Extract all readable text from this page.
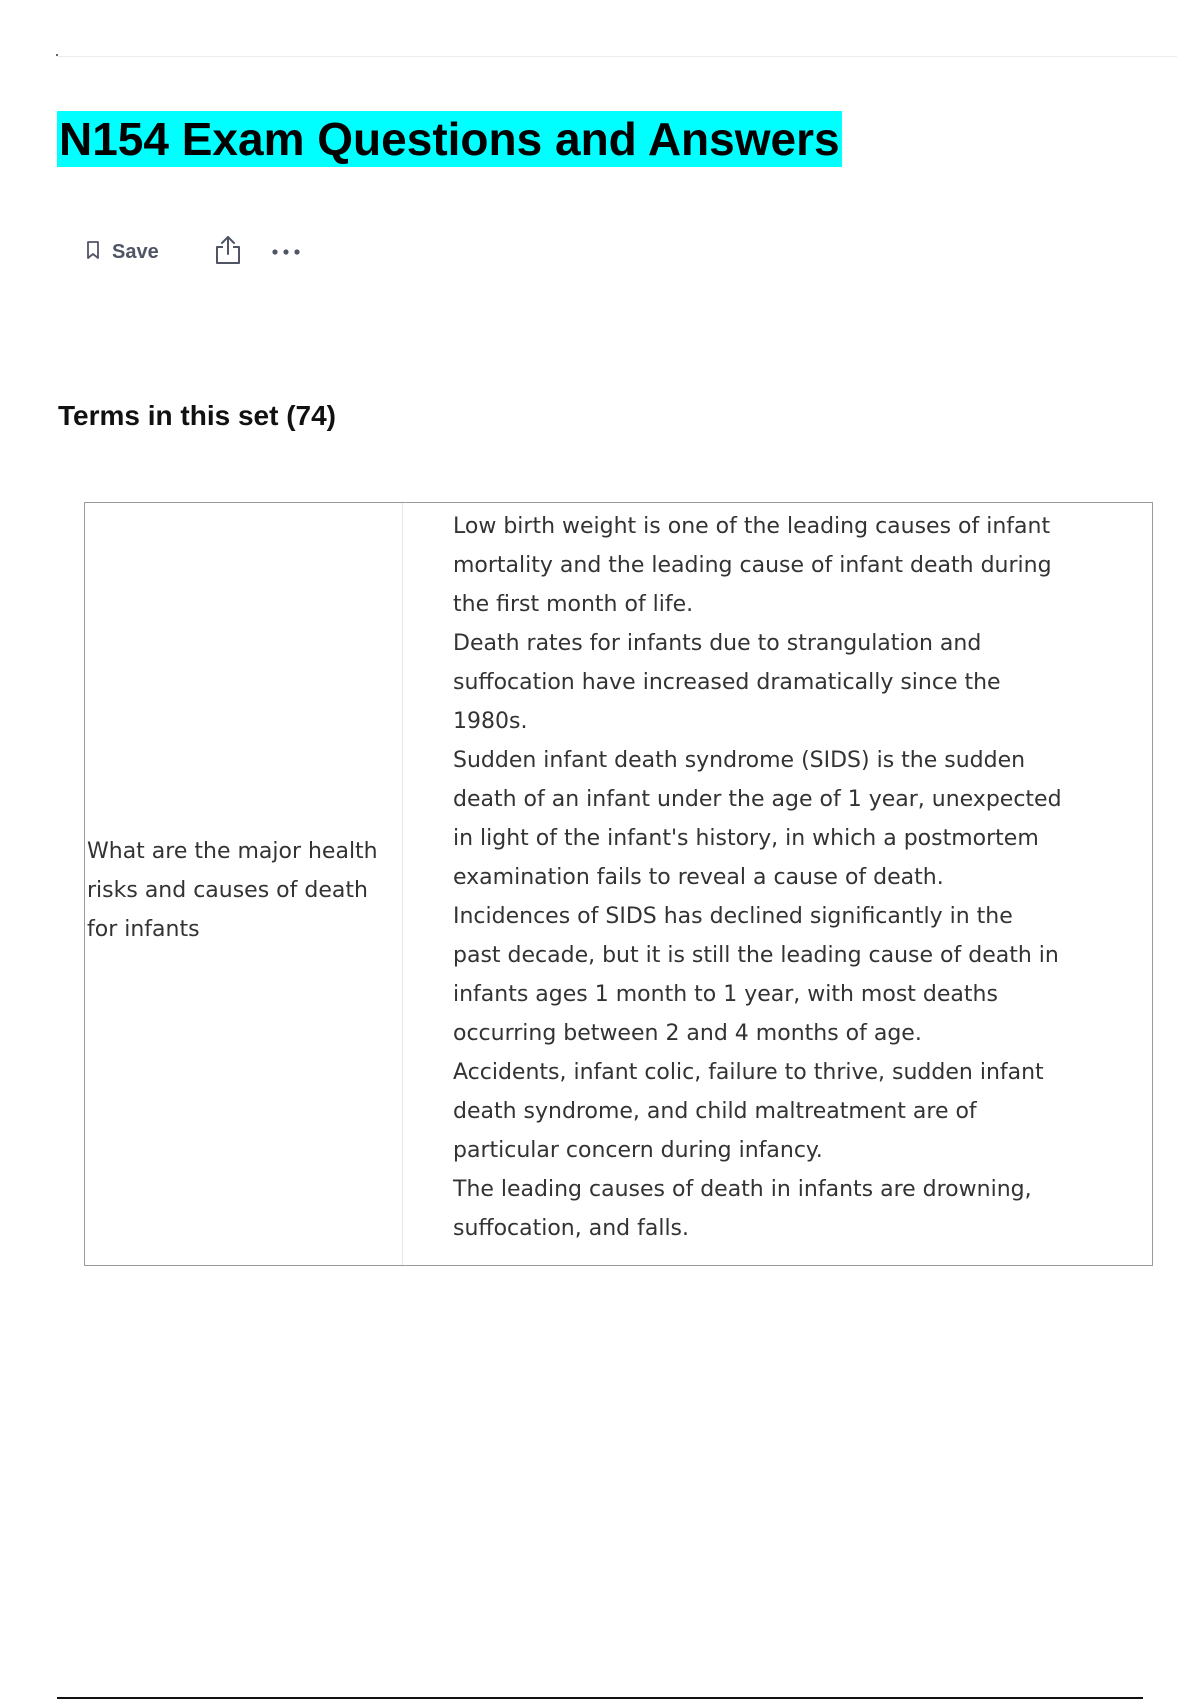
N154 Exam Questions and Answers
Save
Terms in this set (74)
What are the major health risks and causes of death for infants

Low birth weight is one of the leading causes of infant mortality and the leading cause of infant death during the first month of life.

Death rates for infants due to strangulation and suffocation have increased dramatically since the 1980s.

Sudden infant death syndrome (SIDS) is the sudden death of an infant under the age of 1 year, unexpected in light of the infant's history, in which a postmortem examination fails to reveal a cause of death.

Incidences of SIDS has declined significantly in the past decade, but it is still the leading cause of death in infants ages 1 month to 1 year, with most deaths occurring between 2 and 4 months of age.

Accidents, infant colic, failure to thrive, sudden infant death syndrome, and child maltreatment are of particular concern during infancy.

The leading causes of death in infants are drowning, suffocation, and falls.
